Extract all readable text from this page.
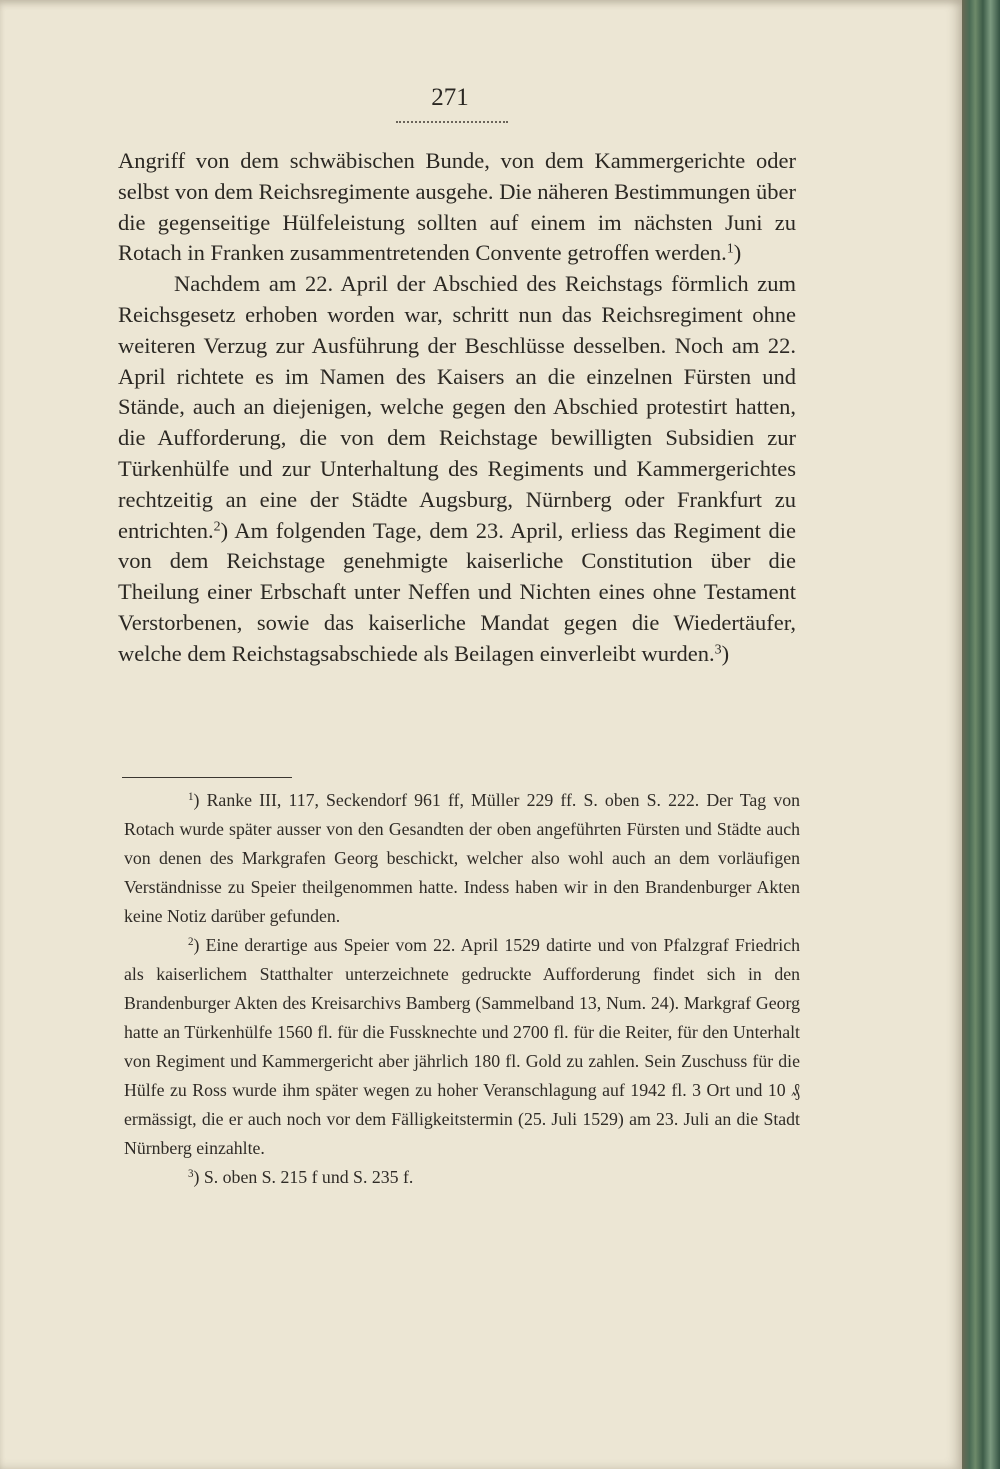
271

Angriff von dem schwäbischen Bunde, von dem Kammergerichte oder selbst von dem Reichsregimente ausgehe. Die näheren Bestimmungen über die gegenseitige Hülfeleistung sollten auf einem im nächsten Juni zu Rotach in Franken zusammentretenden Convente getroffen werden.$^1$)

Nachdem am 22. April der Abschied des Reichstags förmlich zum Reichsgesetz erhoben worden war, schritt nun das Reichsregiment ohne weiteren Verzug zur Ausführung der Beschlüsse desselben. Noch am 22. April richtete es im Namen des Kaisers an die einzelnen Fürsten und Stände, auch an diejenigen, welche gegen den Abschied protestirt hatten, die Aufforderung, die von dem Reichstage bewilligten Subsidien zur Türkenhülfe und zur Unterhaltung des Regiments und Kammergerichtes rechtzeitig an eine der Städte Augsburg, Nürnberg oder Frankfurt zu entrichten.$^2$) Am folgenden Tage, dem 23. April, erliess das Regiment die von dem Reichstage genehmigte kaiserliche Constitution über die Theilung einer Erbschaft unter Neffen und Nichten eines ohne Testament Verstorbenen, sowie das kaiserliche Mandat gegen die Wiedertäufer, welche dem Reichstagsabschiede als Beilagen einverleibt wurden.$^3$)

$^1$) Ranke III, 117, Seckendorf 961 ff, Müller 229 ff. S. oben S. 222. Der Tag von Rotach wurde später ausser von den Gesandten der oben angeführten Fürsten und Städte auch von denen des Markgrafen Georg beschickt, welcher also wohl auch an dem vorläufigen Verständnisse zu Speier theilgenommen hatte. Indess haben wir in den Brandenburger Akten keine Notiz darüber gefunden.

$^2$) Eine derartige aus Speier vom 22. April 1529 datirte und von Pfalzgraf Friedrich als kaiserlichem Statthalter unterzeichnete gedruckte Aufforderung findet sich in den Brandenburger Akten des Kreisarchivs Bamberg (Sammelband 13, Num. 24). Markgraf Georg hatte an Türkenhülfe 1560 fl. für die Fussknechte und 2700 fl. für die Reiter, für den Unterhalt von Regiment und Kammergericht aber jährlich 180 fl. Gold zu zahlen. Sein Zuschuss für die Hülfe zu Ross wurde ihm später wegen zu hoher Veranschlagung auf 1942 fl. 3 Ort und 10 ₰ ermässigt, die er auch noch vor dem Fälligkeitstermin (25. Juli 1529) am 23. Juli an die Stadt Nürnberg einzahlte.

$^3$) S. oben S. 215 f und S. 235 f.
